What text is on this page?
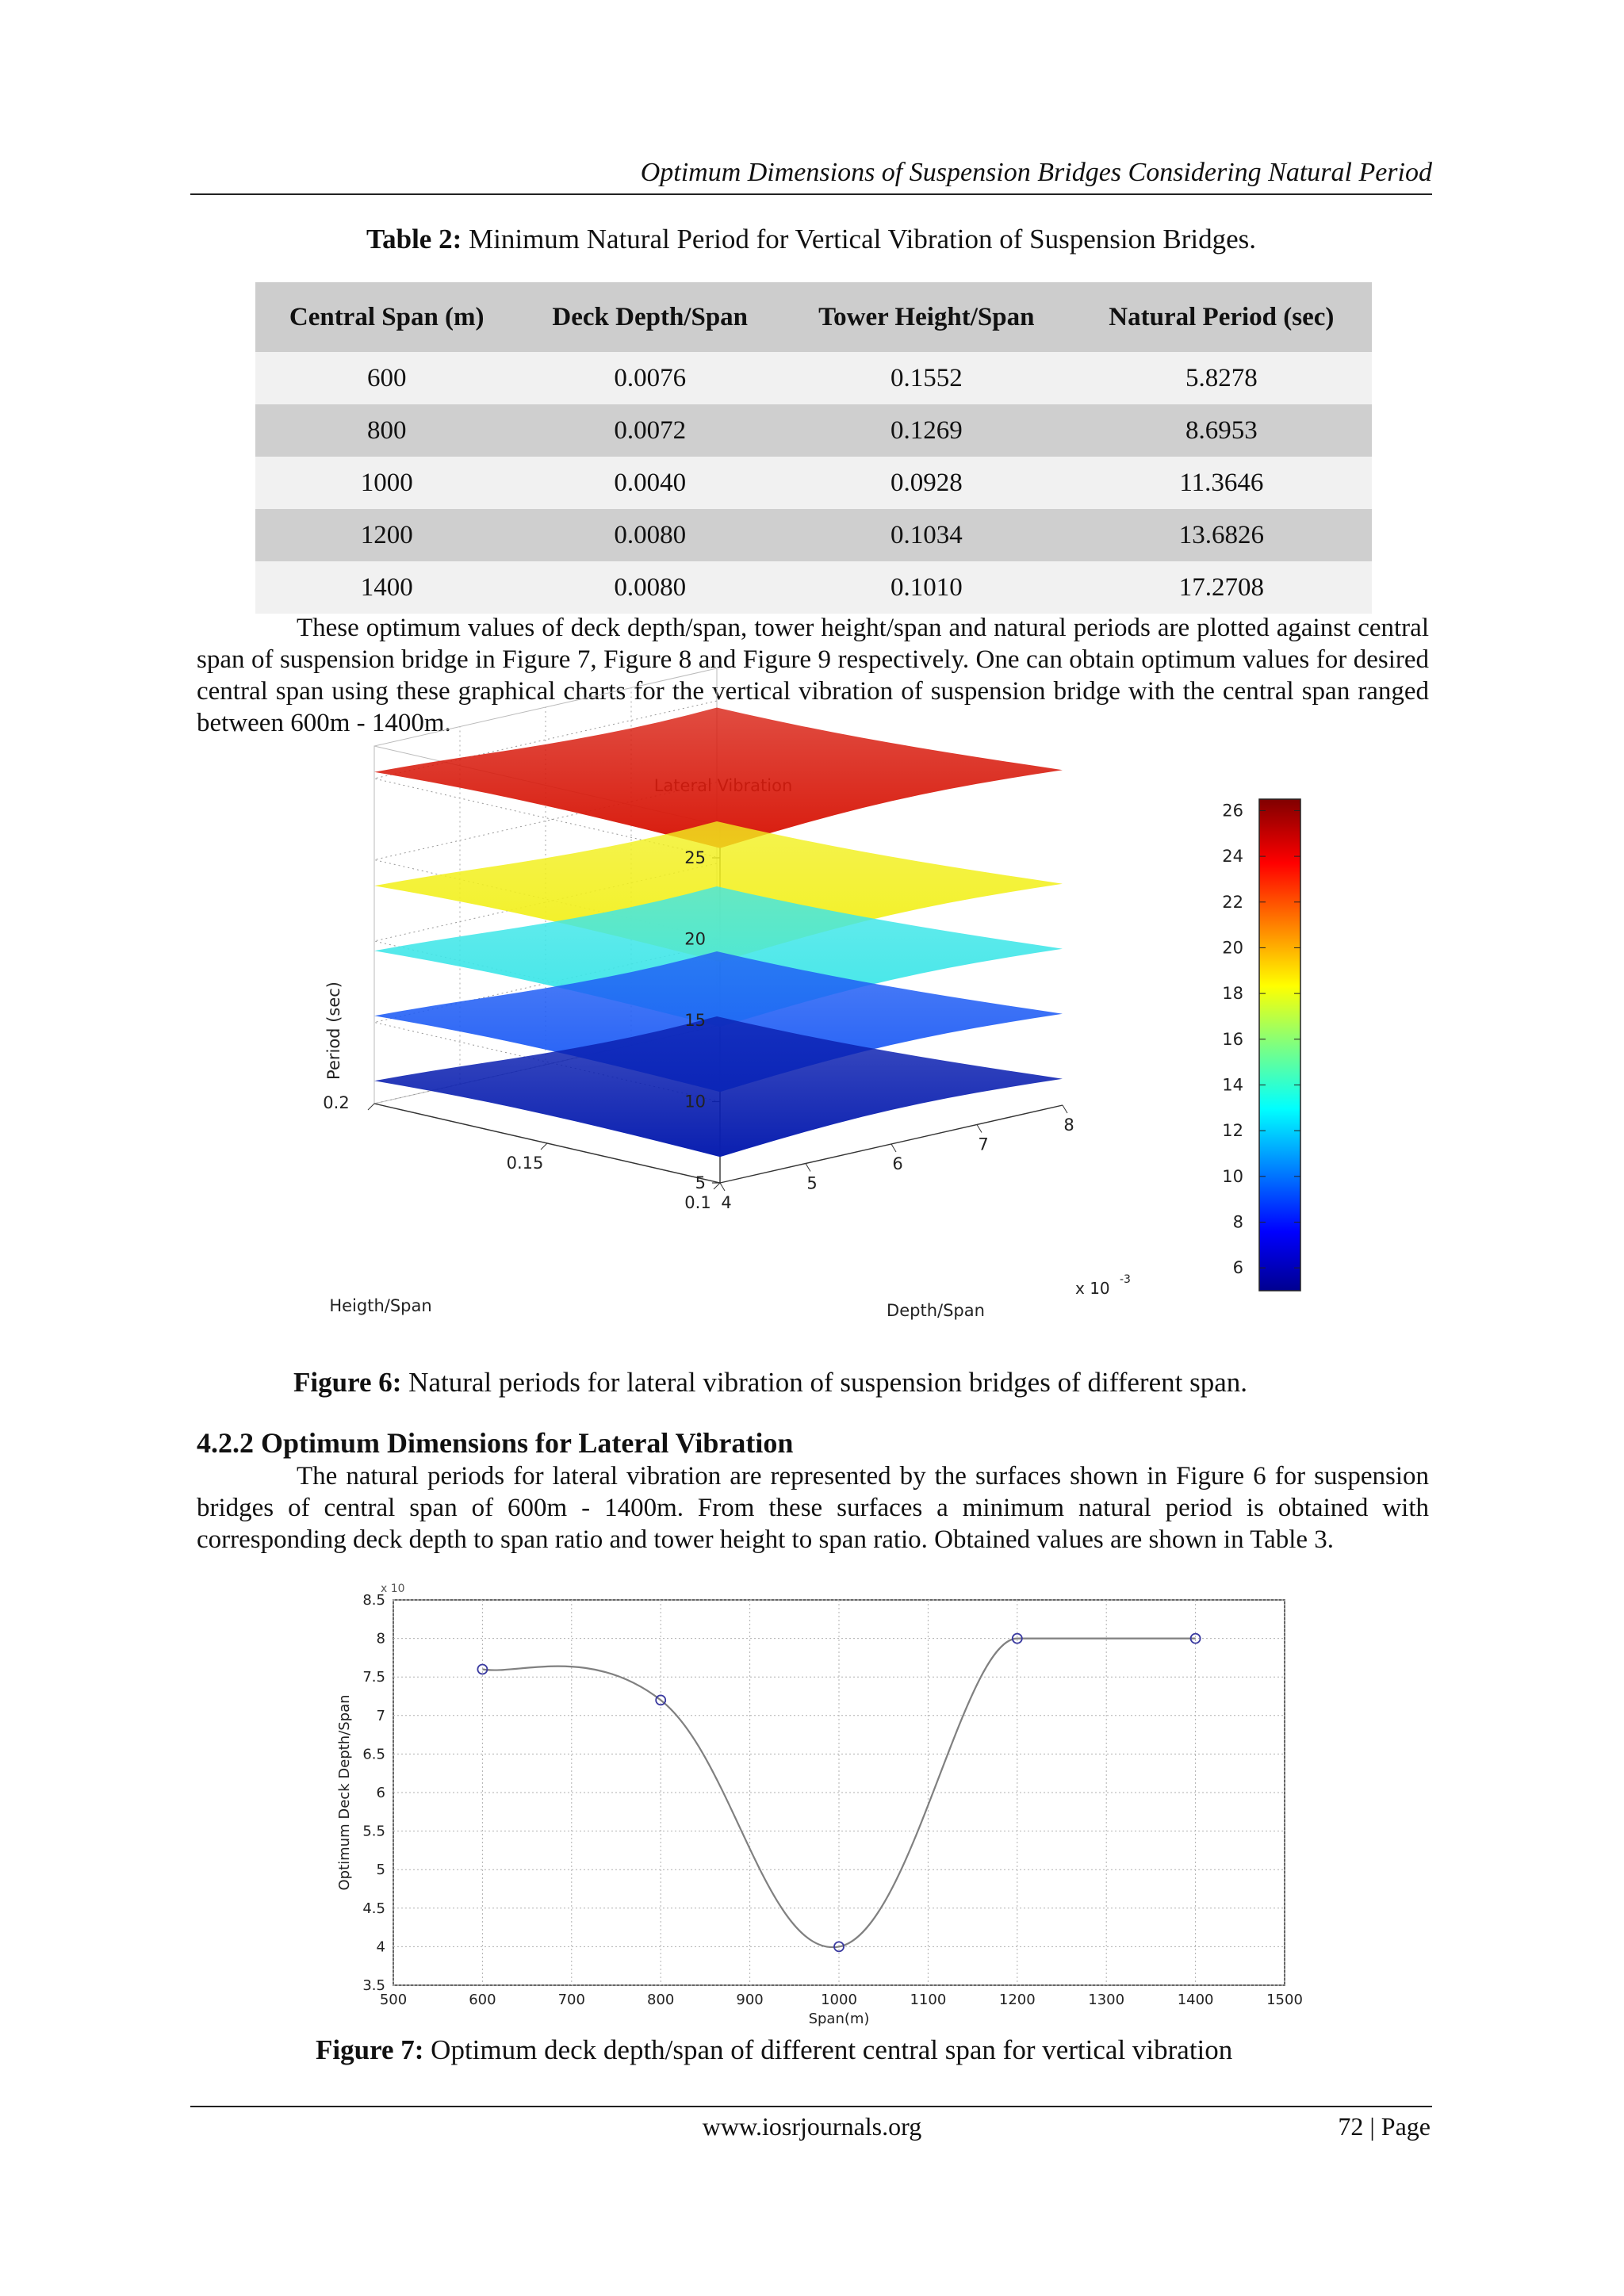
Optimum Dimensions of Suspension Bridges Considering Natural Period
Table 2: Minimum Natural Period for Vertical Vibration of Suspension Bridges.
Central Span (m)	Deck Depth/Span	Tower Height/Span	Natural Period (sec)
600	0.0076	0.1552	5.8278
800	0.0072	0.1269	8.6953
1000	0.0040	0.0928	11.3646
1200	0.0080	0.1034	13.6826
1400	0.0080	0.1010	17.2708
These optimum values of deck depth/span, tower height/span and natural periods are plotted against central span of suspension bridge in Figure 7, Figure 8 and Figure 9 respectively. One can obtain optimum values for desired central span using these graphical charts for the vertical vibration of suspension bridge with the central span ranged between 600m - 1400m.
5
10
15
20
25
4
5
6
7
8
0.2
0.15
0.1
Depth/Span
Heigth/Span
Period (sec)
x 10 -3
6
8
10
12
14
16
18
20
22
24
26
Figure 6: Natural periods for lateral vibration of suspension bridges of different span.
4.2.2 Optimum Dimensions for Lateral Vibration
The natural periods for lateral vibration are represented by the surfaces shown in Figure 6 for suspension bridges of central span of 600m - 1400m. From these surfaces a minimum natural period is obtained with corresponding deck depth to span ratio and tower height to span ratio. Obtained values are shown in Table 3.
500	600	700	800	900	1000	1100	1200	1300	1400	1500
3.5
4
4.5
5
5.5
6
6.5
7
7.5
8
8.5
Span(m)
Optimum Deck Depth/Span
x 10
Figure 7: Optimum deck depth/span of different central span for vertical vibration
www.iosrjournals.org	72 | Page
